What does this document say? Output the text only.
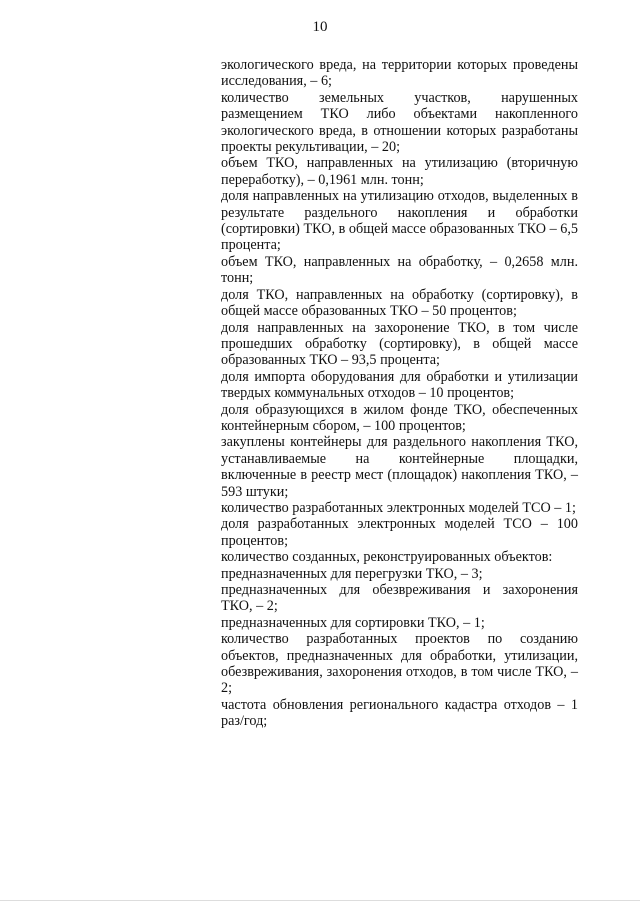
10

экологического вреда, на территории которых проведены исследования, – 6;

количество земельных участков, нарушенных размещением ТКО либо объектами накопленного экологического вреда, в отношении которых разработаны проекты рекультивации, – 20;

объем ТКО, направленных на утилизацию (вторичную переработку), – 0,1961 млн. тонн;

доля направленных на утилизацию отходов, выделенных в результате раздельного накопления и обработки (сортировки) ТКО, в общей массе образованных ТКО – 6,5 процента;

объем ТКО, направленных на обработку, – 0,2658 млн. тонн;

доля ТКО, направленных на обработку (сортировку), в общей массе образованных ТКО – 50 процентов;

доля направленных на захоронение ТКО, в том числе прошедших обработку (сортировку), в общей массе образованных ТКО – 93,5 процента;

доля импорта оборудования для обработки и утилизации твердых коммунальных отходов – 10 процентов;

доля образующихся в жилом фонде ТКО, обеспеченных контейнерным сбором, – 100 процентов;

закуплены контейнеры для раздельного накопления ТКО, устанавливаемые на контейнерные площадки, включенные в реестр мест (площадок) накопления ТКО, – 593 штуки;

количество разработанных электронных моделей ТСО – 1;

доля разработанных электронных моделей ТСО – 100 процентов;

количество созданных, реконструированных объектов:

предназначенных для перегрузки ТКО, – 3;

предназначенных для обезвреживания и захоронения ТКО, – 2;

предназначенных для сортировки ТКО, – 1;

количество разработанных проектов по созданию объектов, предназначенных для обработки, утилизации, обезвреживания, захоронения отходов, в том числе ТКО, – 2;

частота обновления регионального кадастра отходов – 1 раз/год;
